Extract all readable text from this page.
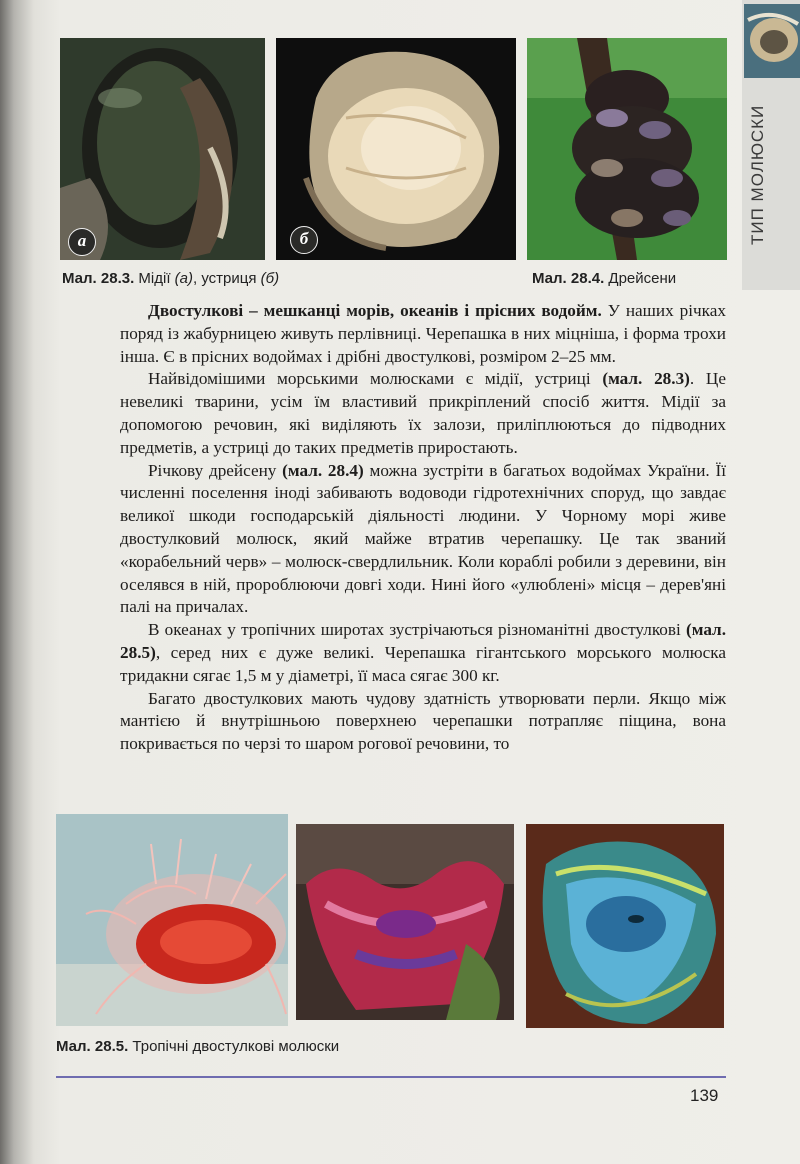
ТИП МОЛЮСКИ
а	б
Мал. 28.3. Мідії (а), устриця (б)	Мал. 28.4. Дрейсени

Двостулкові – мешканці морів, океанів і прісних водойм. У наших річках поряд із жабурницею живуть перлівниці. Черепашка в них міцніша, і форма трохи інша. Є в прісних водоймах і дрібні двостулкові, розміром 2–25 мм.

Найвідомішими морськими молюсками є мідії, устриці (мал. 28.3). Це невеликі тварини, усім їм властивий прикріплений спосіб життя. Мідії за допомогою речовин, які виділяють їх залози, приліплюються до підводних предметів, а устриці до таких предметів приростають.

Річкову дрейсену (мал. 28.4) можна зустріти в багатьох водоймах України. Її численні поселення іноді забивають водоводи гідротехнічних споруд, що завдає великої шкоди господарській діяльності людини. У Чорному морі живе двостулковий молюск, який майже втратив черепашку. Це так званий «корабельний черв» – молюск-свердлильник. Коли кораблі робили з деревини, він оселявся в ній, пророблюючи довгі ходи. Нині його «улюблені» місця – дерев'яні палі на причалах.

В океанах у тропічних широтах зустрічаються різноманітні двостулкові (мал. 28.5), серед них є дуже великі. Черепашка гігантського морського молюска тридакни сягає 1,5 м у діаметрі, її маса сягає 300 кг.

Багато двостулкових мають чудову здатність утворювати перли. Якщо між мантією й внутрішньою поверхнею черепашки потрапляє піщина, вона покривається по черзі то шаром рогової речовини, то

Мал. 28.5. Тропічні двостулкові молюски
139
